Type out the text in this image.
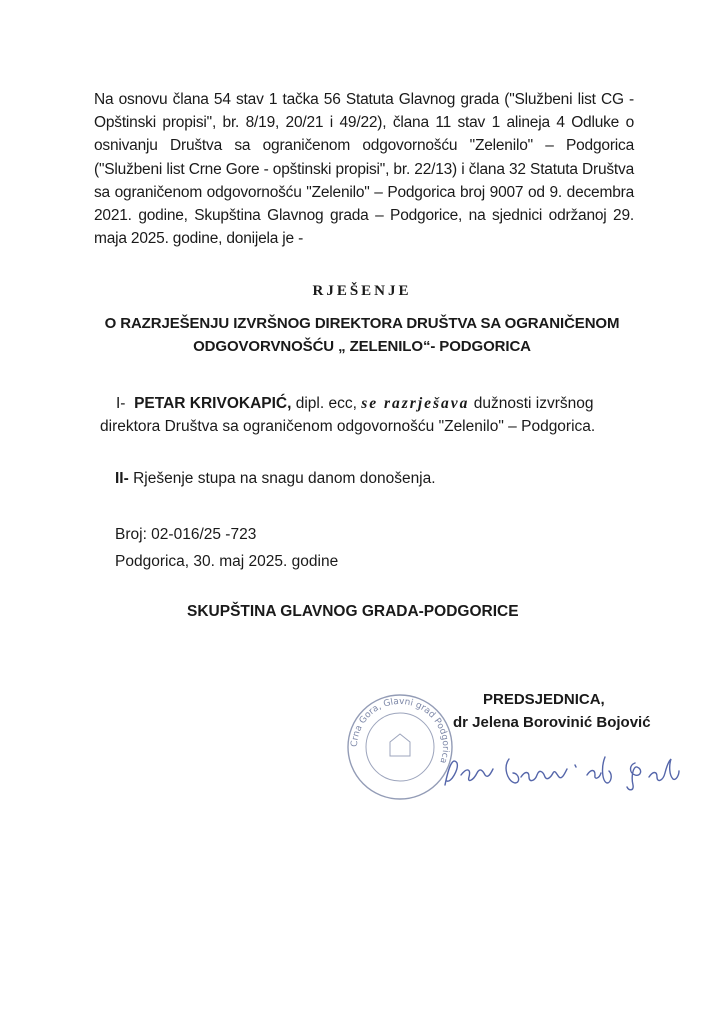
Na osnovu člana 54 stav 1 tačka 56 Statuta Glavnog grada ("Službeni list CG - Opštinski propisi", br. 8/19, 20/21 i 49/22), člana 11 stav 1 alineja 4 Odluke o osnivanju Društva sa ograničenom odgovornošću "Zelenilo" – Podgorica ("Službeni list Crne Gore - opštinski propisi", br. 22/13) i člana 32 Statuta Društva sa ograničenom odgovornošću "Zelenilo" – Podgorica broj 9007 od 9. decembra 2021. godine, Skupština Glavnog grada – Podgorice, na sjednici održanoj 29. maja 2025. godine, donijela je -
RJEŠENJE
O RAZRJEŠENJU IZVRŠNOG DIREKTORA DRUŠTVA SA OGRANIČENOM
ODGOVORVNOŠĆU „ ZELENILO“- PODGORICA
I- PETAR KRIVOKAPIĆ, dipl. ecc, se razrješava dužnosti izvršnog
direktora Društva sa ograničenom odgovornošću "Zelenilo" – Podgorica.
II- Rješenje stupa na snagu danom donošenja.
Broj: 02-016/25 -723
Podgorica, 30. maj 2025. godine
SKUPŠTINA GLAVNOG GRADA-PODGORICE
Crna Gora, Glavni grad Podgorica
PREDSJEDNICA,
dr Jelena Borovinić Bojović
